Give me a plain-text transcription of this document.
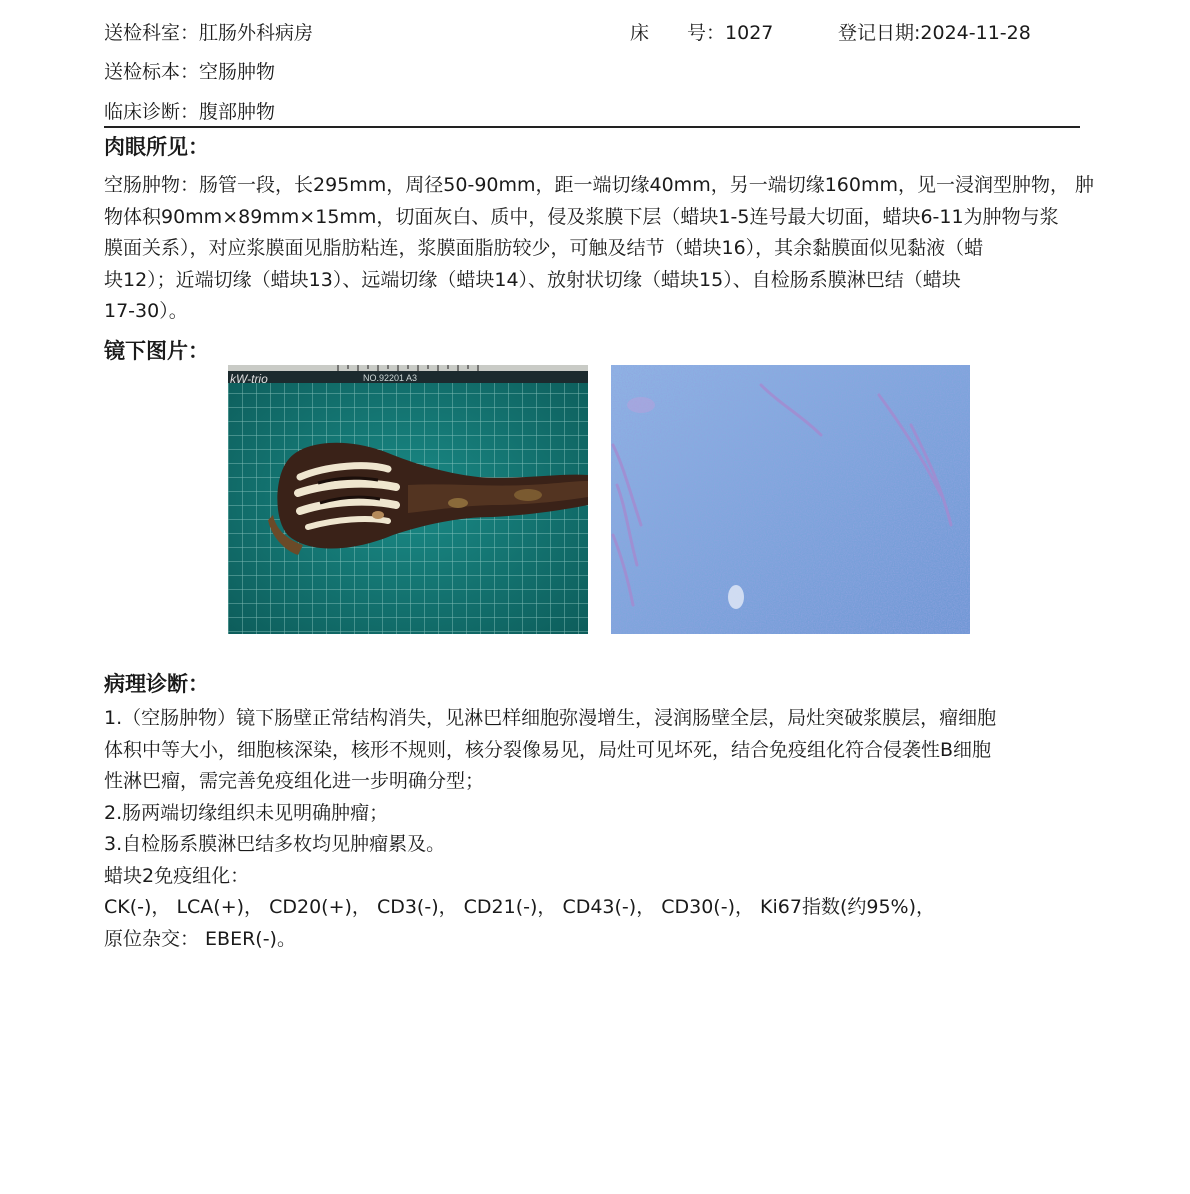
送检科室：肛肠外科病房	床　　号：1027	登记日期:2024-11-28
送检标本：空肠肿物
临床诊断：腹部肿物
肉眼所见：
空肠肿物：肠管一段，长295mm，周径50-90mm，距一端切缘40mm，另一端切缘160mm，见一浸润型肿物， 肿
物体积90mm×89mm×15mm，切面灰白、质中，侵及浆膜下层（蜡块1-5连号最大切面，蜡块6-11为肿物与浆
膜面关系），对应浆膜面见脂肪粘连，浆膜面脂肪较少，可触及结节（蜡块16），其余黏膜面似见黏液（蜡
块12）；近端切缘（蜡块13）、远端切缘（蜡块14）、放射状切缘（蜡块15）、自检肠系膜淋巴结（蜡块
17-30）。
镜下图片：
kW-trio	NO.92201 A3
病理诊断：
1.（空肠肿物）镜下肠壁正常结构消失，见淋巴样细胞弥漫增生，浸润肠壁全层，局灶突破浆膜层，瘤细胞
体积中等大小，细胞核深染，核形不规则，核分裂像易见，局灶可见坏死，结合免疫组化符合侵袭性B细胞
性淋巴瘤，需完善免疫组化进一步明确分型；
2.肠两端切缘组织未见明确肿瘤；
3.自检肠系膜淋巴结多枚均见肿瘤累及。
蜡块2免疫组化：
CK(-)， LCA(+)， CD20(+)， CD3(-)， CD21(-)， CD43(-)， CD30(-)， Ki67指数(约95%)，
原位杂交： EBER(-)。
